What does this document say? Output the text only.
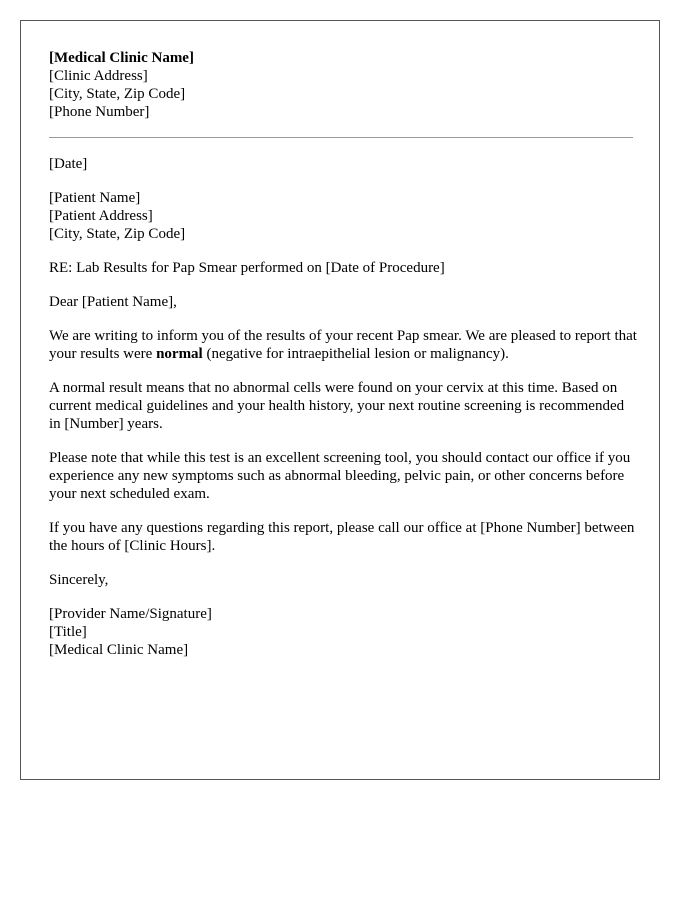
[Medical Clinic Name]
[Clinic Address]
[City, State, Zip Code]
[Phone Number]
[Date]
[Patient Name]
[Patient Address]
[City, State, Zip Code]

RE: Lab Results for Pap Smear performed on [Date of Procedure]

Dear [Patient Name],

We are writing to inform you of the results of your recent Pap smear. We are pleased to report that your results were normal (negative for intraepithelial lesion or malignancy).

A normal result means that no abnormal cells were found on your cervix at this time. Based on current medical guidelines and your health history, your next routine screening is recommended in [Number] years.

Please note that while this test is an excellent screening tool, you should contact our office if you experience any new symptoms such as abnormal bleeding, pelvic pain, or other concerns before your next scheduled exam.

If you have any questions regarding this report, please call our office at [Phone Number] between the hours of [Clinic Hours].

Sincerely,

[Provider Name/Signature]
[Title]
[Medical Clinic Name]
